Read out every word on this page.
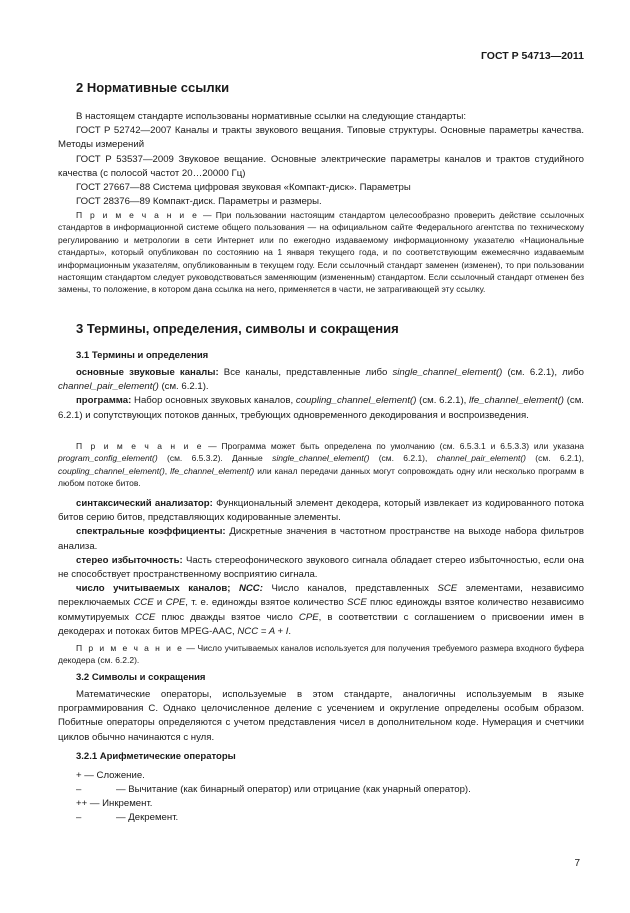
ГОСТ Р 54713—2011
2 Нормативные ссылки
В настоящем стандарте использованы нормативные ссылки на следующие стандарты:
ГОСТ Р 52742—2007 Каналы и тракты звукового вещания. Типовые структуры. Основные параметры качества. Методы измерений
ГОСТ Р 53537—2009 Звуковое вещание. Основные электрические параметры каналов и трактов студийного качества (с полосой частот 20…20000 Гц)
ГОСТ 27667—88 Система цифровая звуковая «Компакт-диск». Параметры
ГОСТ 28376—89 Компакт-диск. Параметры и размеры.
П р и м е ч а н и е — При пользовании настоящим стандартом целесообразно проверить действие ссылочных стандартов в информационной системе общего пользования — на официальном сайте Федерального агентства по техническому регулированию и метрологии в сети Интернет или по ежегодно издаваемому информационному указателю «Национальные стандарты», который опубликован по состоянию на 1 января текущего года, и по соответствующим ежемесячно издаваемым информационным указателям, опубликованным в текущем году. Если ссылочный стандарт заменен (изменен), то при пользовании настоящим стандартом следует руководствоваться заменяющим (измененным) стандартом. Если ссылочный стандарт отменен без замены, то положение, в котором дана ссылка на него, применяется в части, не затрагивающей эту ссылку.
3 Термины, определения, символы и сокращения
3.1 Термины и определения
основные звуковые каналы: Все каналы, представленные либо single_channel_element() (см. 6.2.1), либо channel_pair_element() (см. 6.2.1).
программа: Набор основных звуковых каналов, coupling_channel_element() (см. 6.2.1), lfe_channel_element() (см. 6.2.1) и сопутствующих потоков данных, требующих одновременного декодирования и воспроизведения.
П р и м е ч а н и е — Программа может быть определена по умолчанию (см. 6.5.3.1 и 6.5.3.3) или указана program_config_element() (см. 6.5.3.2). Данные single_channel_element() (см. 6.2.1), channel_pair_element() (см. 6.2.1), coupling_channel_element(), lfe_channel_element() или канал передачи данных могут сопровождать одну или несколько программ в любом потоке битов.
синтаксический анализатор: Функциональный элемент декодера, который извлекает из кодированного потока битов серию битов, представляющих кодированные элементы.
спектральные коэффициенты: Дискретные значения в частотном пространстве на выходе набора фильтров анализа.
стерео избыточность: Часть стереофонического звукового сигнала обладает стерео избыточностью, если она не способствует пространственному восприятию сигнала.
число учитываемых каналов; NCC: Число каналов, представленных SCE элементами, независимо переключаемых CCE и CPE, т. е. единожды взятое количество SCE плюс единожды взятое количество независимо коммутируемых CCE плюс дважды взятое число CPE, в соответствии с соглашением о присвоении имен в декодерах и потоках битов MPEG-AAC, NCC = A + I.
П р и м е ч а н и е — Число учитываемых каналов используется для получения требуемого размера входного буфера декодера (см. 6.2.2).
3.2 Символы и сокращения
Математические операторы, используемые в этом стандарте, аналогичны используемым в языке программирования C. Однако целочисленное деление с усечением и округление определены особым образом. Побитные операторы определяются с учетом представления чисел в дополнительном коде. Нумерация и счетчики циклов обычно начинаются с нуля.
3.2.1 Арифметические операторы
+ — Сложение.
–	— Вычитание (как бинарный оператор) или отрицание (как унарный оператор).
++ — Инкремент.
–	— Декремент.
7
